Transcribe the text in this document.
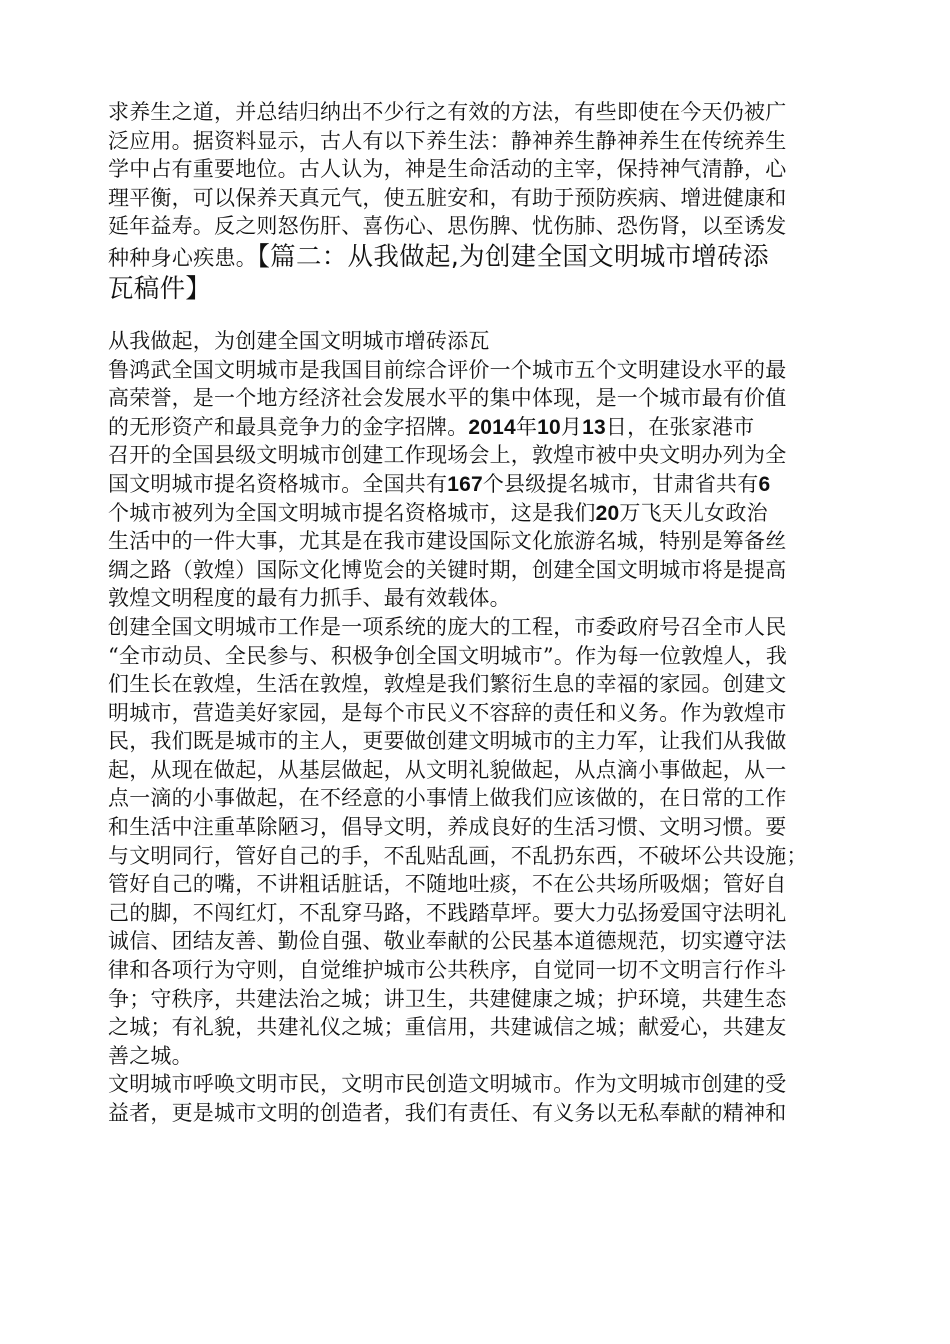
求养生之道，并总结归纳出不少行之有效的方法，有些即使在今天仍被广
泛应用。据资料显示，古人有以下养生法：静神养生静神养生在传统养生
学中占有重要地位。古人认为，神是生命活动的主宰，保持神气清静，心
理平衡，可以保养天真元气，使五脏安和，有助于预防疾病、增进健康和
延年益寿。反之则怒伤肝、喜伤心、思伤脾、忧伤肺、恐伤肾，以至诱发
种种身心疾患。【篇二：从我做起,为创建全国文明城市增砖添
瓦稿件】
从我做起，为创建全国文明城市增砖添瓦
鲁鸿武全国文明城市是我国目前综合评价一个城市五个文明建设水平的最
高荣誉，是一个地方经济社会发展水平的集中体现，是一个城市最有价值
的无形资产和最具竞争力的金字招牌。2014年10月13日，在张家港市
召开的全国县级文明城市创建工作现场会上，敦煌市被中央文明办列为全
国文明城市提名资格城市。全国共有167个县级提名城市，甘肃省共有6
个城市被列为全国文明城市提名资格城市，这是我们20万飞天儿女政治
生活中的一件大事，尤其是在我市建设国际文化旅游名城，特别是筹备丝
绸之路（敦煌）国际文化博览会的关键时期，创建全国文明城市将是提高
敦煌文明程度的最有力抓手、最有效载体。
创建全国文明城市工作是一项系统的庞大的工程，市委政府号召全市人民
“全市动员、全民参与、积极争创全国文明城市”。作为每一位敦煌人，我
们生长在敦煌，生活在敦煌，敦煌是我们繁衍生息的幸福的家园。创建文
明城市，营造美好家园，是每个市民义不容辞的责任和义务。作为敦煌市
民，我们既是城市的主人，更要做创建文明城市的主力军，让我们从我做
起，从现在做起，从基层做起，从文明礼貌做起，从点滴小事做起，从一
点一滴的小事做起，在不经意的小事情上做我们应该做的，在日常的工作
和生活中注重革除陋习，倡导文明，养成良好的生活习惯、文明习惯。要
与文明同行，管好自己的手，不乱贴乱画，不乱扔东西，不破坏公共设施；
管好自己的嘴，不讲粗话脏话，不随地吐痰，不在公共场所吸烟；管好自
己的脚，不闯红灯，不乱穿马路，不践踏草坪。要大力弘扬爱国守法明礼
诚信、团结友善、勤俭自强、敬业奉献的公民基本道德规范，切实遵守法
律和各项行为守则，自觉维护城市公共秩序，自觉同一切不文明言行作斗
争；守秩序，共建法治之城；讲卫生，共建健康之城；护环境，共建生态
之城；有礼貌，共建礼仪之城；重信用，共建诚信之城；献爱心，共建友
善之城。
文明城市呼唤文明市民，文明市民创造文明城市。作为文明城市创建的受
益者，更是城市文明的创造者，我们有责任、有义务以无私奉献的精神和
